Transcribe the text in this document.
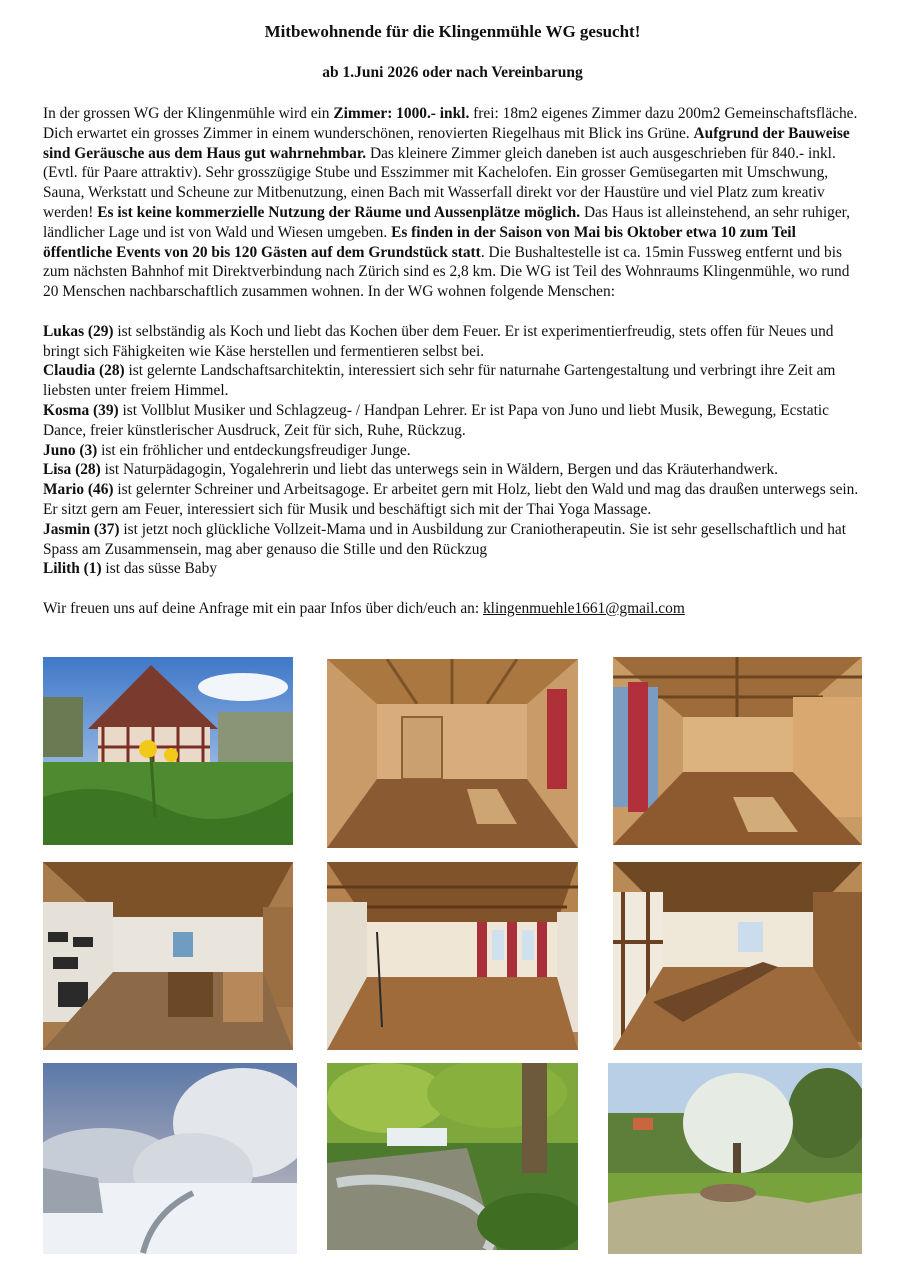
Mitbewohnende für die Klingenmühle WG gesucht!
ab 1.Juni 2026 oder nach Vereinbarung

In der grossen WG der Klingenmühle wird ein Zimmer: 1000.- inkl. frei: 18m2 eigenes Zimmer dazu 200m2 Gemeinschaftsfläche. Dich erwartet ein grosses Zimmer in einem wunderschönen, renovierten Riegelhaus mit Blick ins Grüne. Aufgrund der Bauweise sind Geräusche aus dem Haus gut wahrnehmbar. Das kleinere Zimmer gleich daneben ist auch ausgeschrieben für 840.- inkl. (Evtl. für Paare attraktiv). Sehr grosszügige Stube und Esszimmer mit Kachelofen. Ein grosser Gemüsegarten mit Umschwung, Sauna, Werkstatt und Scheune zur Mitbenutzung, einen Bach mit Wasserfall direkt vor der Haustüre und viel Platz zum kreativ werden! Es ist keine kommerzielle Nutzung der Räume und Aussenplätze möglich. Das Haus ist alleinstehend, an sehr ruhiger, ländlicher Lage und ist von Wald und Wiesen umgeben. Es finden in der Saison von Mai bis Oktober etwa 10 zum Teil öffentliche Events von 20 bis 120 Gästen auf dem Grundstück statt. Die Bushaltestelle ist ca. 15min Fussweg entfernt und bis zum nächsten Bahnhof mit Direktverbindung nach Zürich sind es 2,8 km. Die WG ist Teil des Wohnraums Klingenmühle, wo rund 20 Menschen nachbarschaftlich zusammen wohnen. In der WG wohnen folgende Menschen:

Lukas (29) ist selbständig als Koch und liebt das Kochen über dem Feuer. Er ist experimentierfreudig, stets offen für Neues und bringt sich Fähigkeiten wie Käse herstellen und fermentieren selbst bei.

Claudia (28) ist gelernte Landschaftsarchitektin, interessiert sich sehr für naturnahe Gartengestaltung und verbringt ihre Zeit am liebsten unter freiem Himmel.

Kosma (39) ist Vollblut Musiker und Schlagzeug- / Handpan Lehrer. Er ist Papa von Juno und liebt Musik, Bewegung, Ecstatic Dance, freier künstlerischer Ausdruck, Zeit für sich, Ruhe, Rückzug.

Juno (3) ist ein fröhlicher und entdeckungsfreudiger Junge.

Lisa (28) ist Naturpädagogin, Yogalehrerin und liebt das unterwegs sein in Wäldern, Bergen und das Kräuterhandwerk.

Mario (46) ist gelernter Schreiner und Arbeitsagoge. Er arbeitet gern mit Holz, liebt den Wald und mag das draußen unterwegs sein. Er sitzt gern am Feuer, interessiert sich für Musik und beschäftigt sich mit der Thai Yoga Massage.

Jasmin (37) ist jetzt noch glückliche Vollzeit-Mama und in Ausbildung zur Craniotherapeutin. Sie ist sehr gesellschaftlich und hat Spass am Zusammensein, mag aber genauso die Stille und den Rückzug

Lilith (1) ist das süsse Baby

Wir freuen uns auf deine Anfrage mit ein paar Infos über dich/euch an: klingenmuehle1661@gmail.com
